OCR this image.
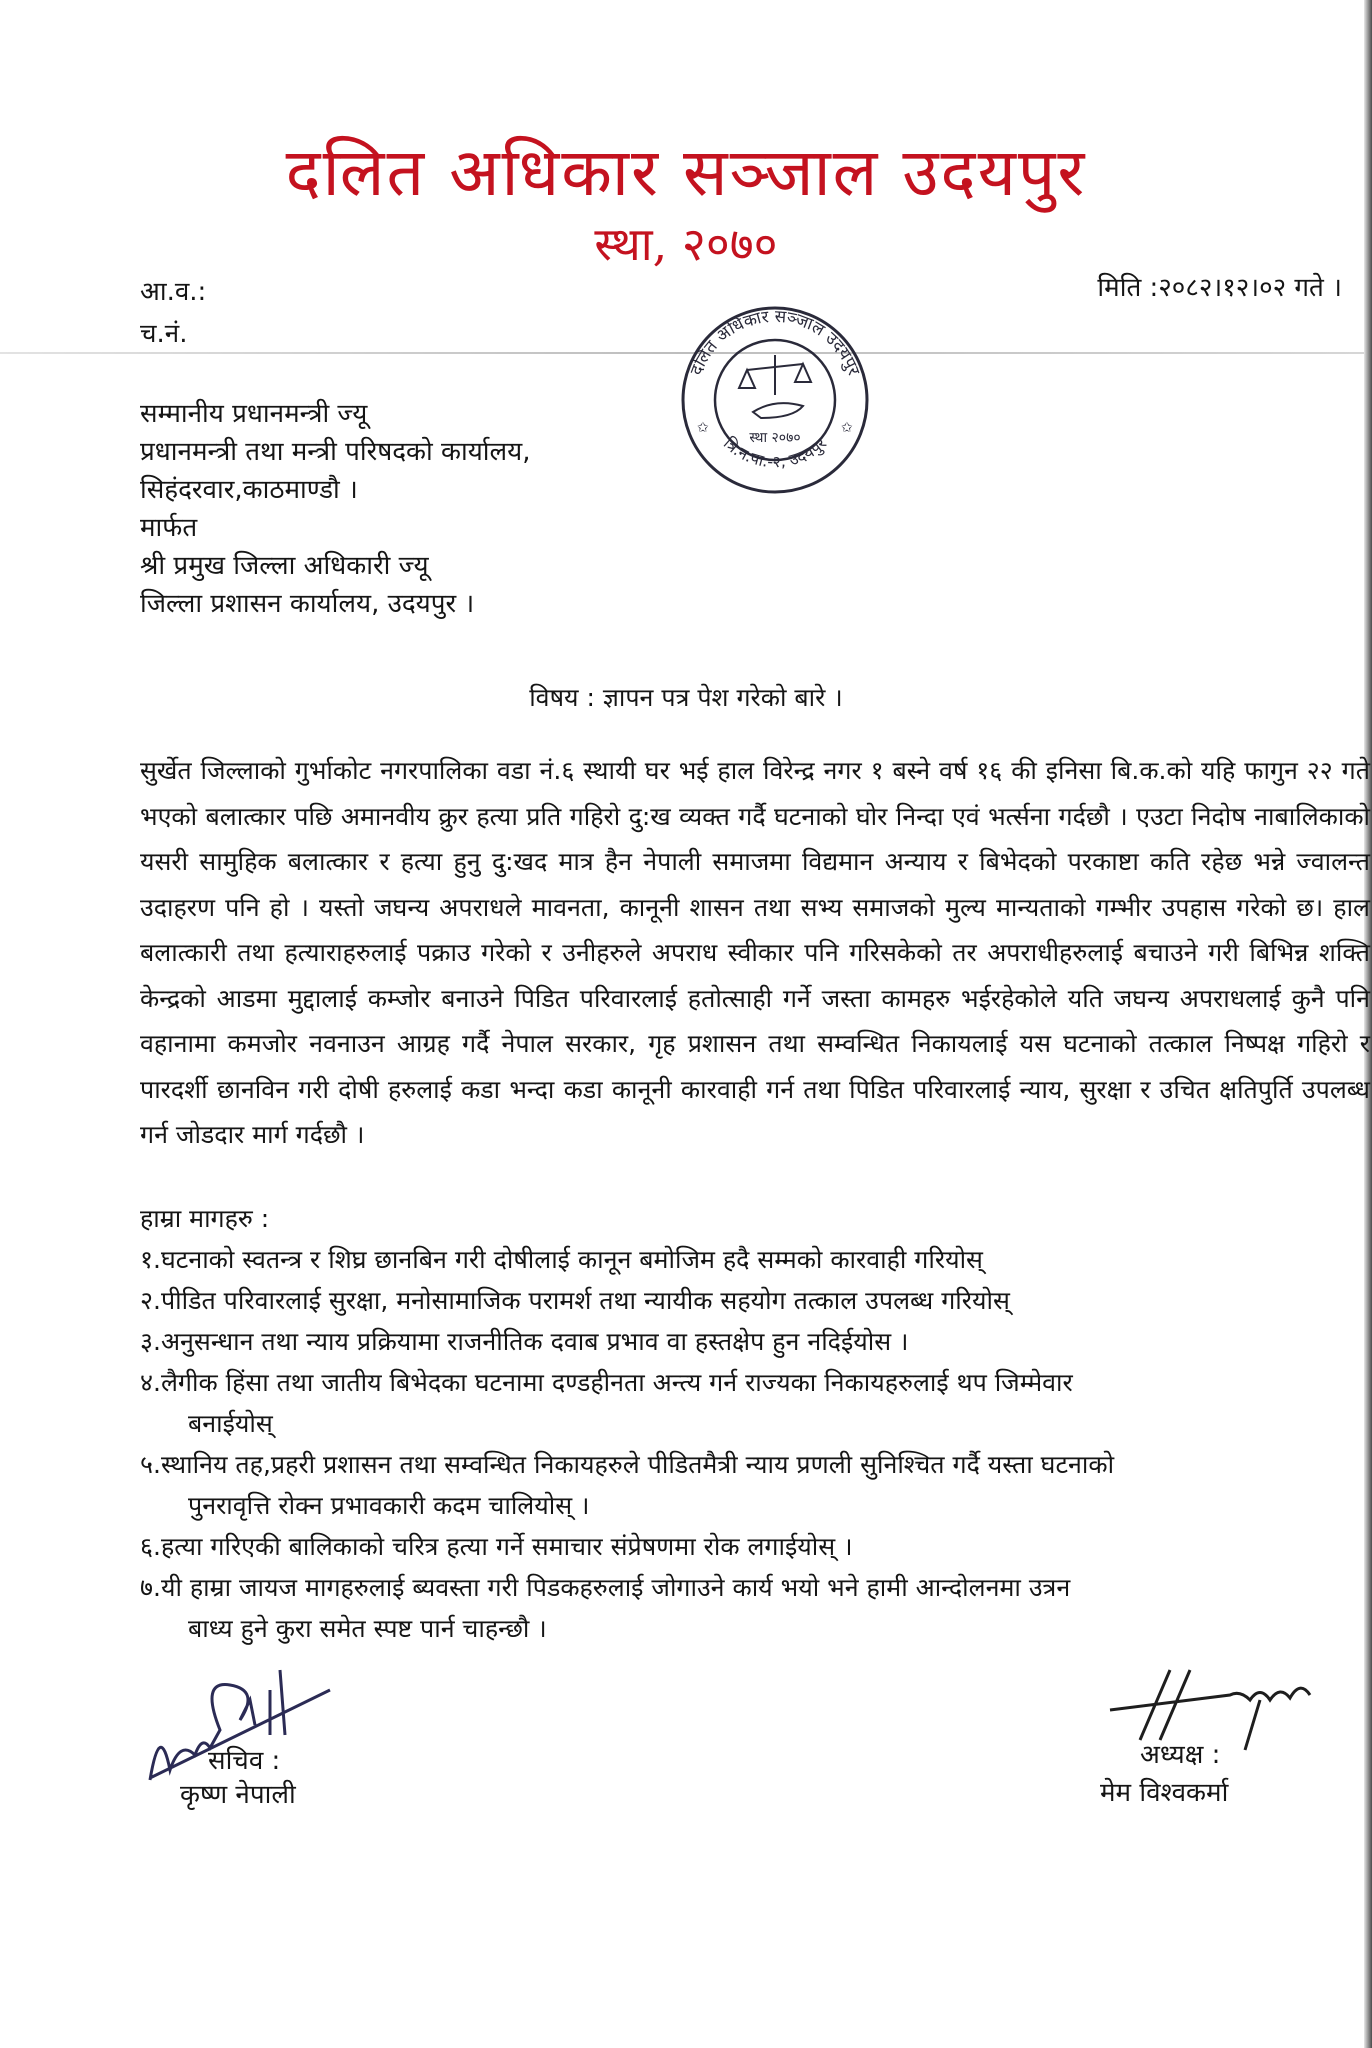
दलित अधिकार सञ्जाल उदयपुर
स्था, २०७०
आ.व.:
च.नं.
मिति :२०८२।१२।०२ गते ।
दलित अधिकार सञ्जाल उदयपुर
त्रि.न.पा.-२, उदयपुर
✩	✩
स्था २०७०
सम्मानीय प्रधानमन्त्री ज्यू
प्रधानमन्त्री तथा मन्त्री परिषदको कार्यालय,
सिहंदरवार,काठमाण्डौ ।
मार्फत
श्री प्रमुख जिल्ला अधिकारी ज्यू
जिल्ला प्रशासन कार्यालय, उदयपुर ।
विषय : ज्ञापन पत्र पेश गरेको बारे ।
सुर्खेत जिल्लाको गुर्भाकोट नगरपालिका वडा नं.६ स्थायी घर भई हाल विरेन्द्र नगर १ बस्ने वर्ष १६ की इनिसा बि.क.को यहि फागुन २२ गते भएको बलात्कार पछि अमानवीय क्रुर हत्या प्रति गहिरो दु:ख व्यक्त गर्दै घटनाको घोर निन्दा एवं भर्त्सना गर्दछौ । एउटा निदोष नाबालिकाको यसरी सामुहिक बलात्कार र हत्या हुनु दु:खद मात्र हैन नेपाली समाजमा विद्यमान अन्याय र बिभेदको परकाष्टा कति रहेछ भन्ने ज्वालन्त उदाहरण पनि हो । यस्तो जघन्य अपराधले मावनता, कानूनी शासन तथा सभ्य समाजको मुल्य मान्यताको गम्भीर उपहास गरेको छ। हाल बलात्कारी तथा हत्याराहरुलाई पक्राउ गरेको र उनीहरुले अपराध स्वीकार पनि गरिसकेको तर अपराधीहरुलाई बचाउने गरी बिभिन्न शक्ति केन्द्रको आडमा मुद्दालाई कम्जोर बनाउने पिडित परिवारलाई हतोत्साही गर्ने जस्ता कामहरु भईरहेकोले यति जघन्य अपराधलाई कुनै पनि वहानामा कमजोर नवनाउन आग्रह गर्दै नेपाल सरकार, गृह प्रशासन तथा सम्वन्धित निकायलाई यस घटनाको तत्काल निष्पक्ष गहिरो र पारदर्शी छानविन गरी दोषी हरुलाई कडा भन्दा कडा कानूनी कारवाही गर्न तथा पिडित परिवारलाई न्याय, सुरक्षा र उचित क्षतिपुर्ति उपलब्ध गर्न जोडदार मार्ग गर्दछौ ।
हाम्रा मागहरु :
१.घटनाको स्वतन्त्र र शिघ्र छानबिन गरी दोषीलाई कानून बमोजिम हदै सम्मको कारवाही गरियोस्
२.पीडित परिवारलाई सुरक्षा, मनोसामाजिक परामर्श तथा न्यायीक सहयोग तत्काल उपलब्ध गरियोस्
३.अनुसन्धान तथा न्याय प्रक्रियामा राजनीतिक दवाब प्रभाव वा हस्तक्षेप हुन नदिईयोस ।
४.लैगीक हिंसा तथा जातीय बिभेदका घटनामा दण्डहीनता अन्त्य गर्न राज्यका निकायहरुलाई थप जिम्मेवार
बनाईयोस्
५.स्थानिय तह,प्रहरी प्रशासन तथा सम्वन्धित निकायहरुले पीडितमैत्री न्याय प्रणली सुनिश्चित गर्दै यस्ता घटनाको
पुनरावृत्ति रोक्न प्रभावकारी कदम चालियोस् ।
६.हत्या गरिएकी बालिकाको चरित्र हत्या गर्ने समाचार संप्रेषणमा रोक लगाईयोस् ।
७.यी हाम्रा जायज मागहरुलाई ब्यवस्ता गरी पिडकहरुलाई जोगाउने कार्य भयो भने हामी आन्दोलनमा उत्रन
बाध्य हुने कुरा समेत स्पष्ट पार्न चाहन्छौ ।
सचिव :
कृष्ण नेपाली
अध्यक्ष :
मेम विश्वकर्मा
